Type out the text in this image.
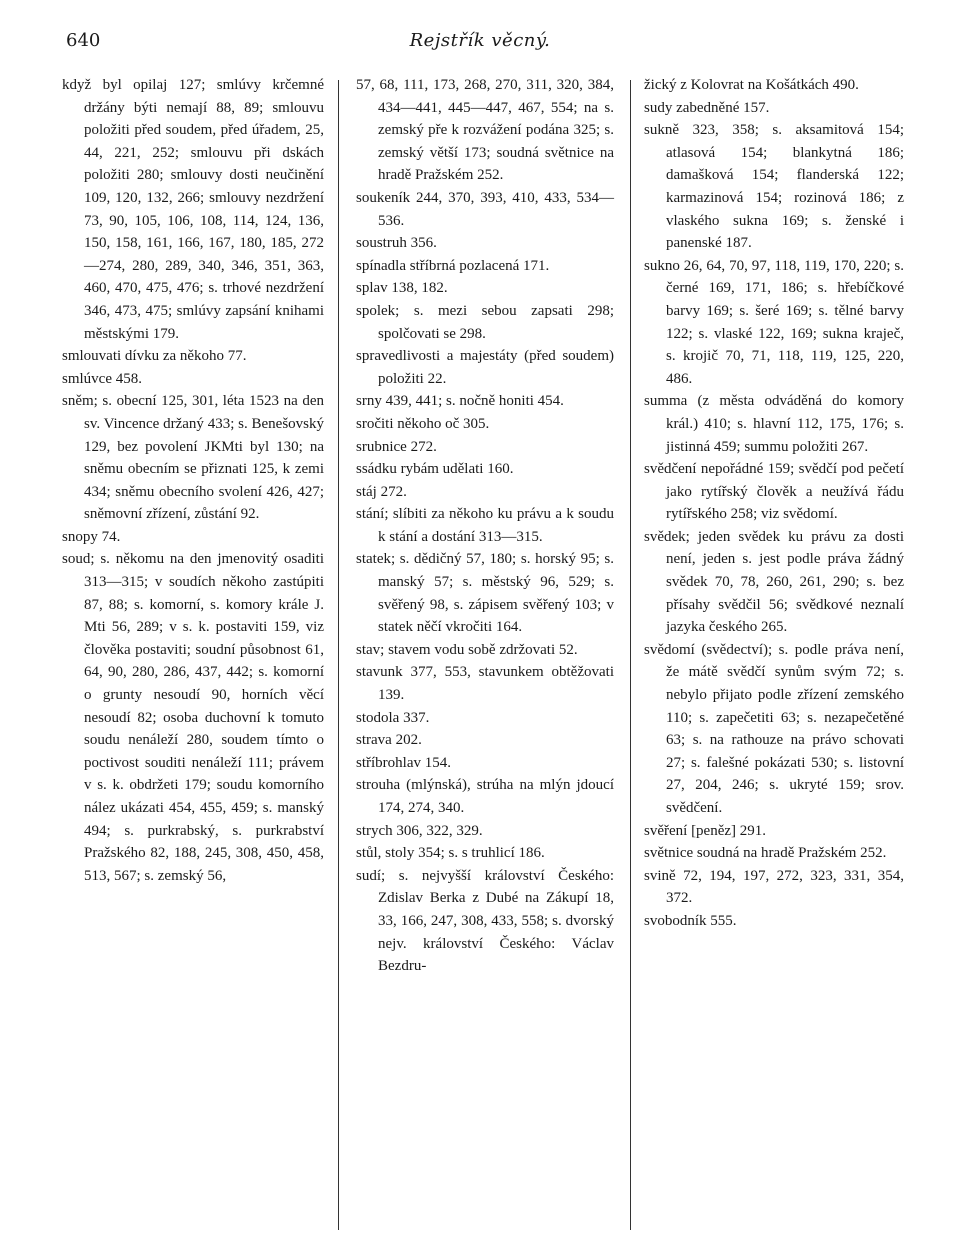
640	Rejstřík věcný.

když byl opilaj 127; smlúvy krčemné držány býti nemají 88, 89; smlouvu položiti před soudem, před úřadem, 25, 44, 221, 252; smlouvu při dskách položiti 280; smlouvy dosti neučinění 109, 120, 132, 266; smlouvy nezdržení 73, 90, 105, 106, 108, 114, 124, 136, 150, 158, 161, 166, 167, 180, 185, 272—274, 280, 289, 340, 346, 351, 363, 460, 470, 475, 476; s. trhové nezdržení 346, 473, 475; smlúvy zapsání knihami městskými 179.

smlouvati dívku za někoho 77.

smlúvce 458.

sněm; s. obecní 125, 301, léta 1523 na den sv. Vincence držaný 433; s. Benešovský 129, bez povolení JKMti byl 130; na sněmu obecním se přiznati 125, k zemi 434; sněmu obecního svolení 426, 427; sněmovní zřízení, zůstání 92.

snopy 74.

soud; s. někomu na den jmenovitý osaditi 313—315; v soudích někoho zastúpiti 87, 88; s. komorní, s. komory krále J. Mti 56, 289; v s. k. postaviti 159, viz člověka postaviti; soudní působnost 61, 64, 90, 280, 286, 437, 442; s. komorní o grunty nesoudí 90, horních věcí nesoudí 82; osoba duchovní k tomuto soudu nenáleží 280, soudem tímto o poctivost souditi nenáleží 111; právem v s. k. obdržeti 179; soudu komorního nález ukázati 454, 455, 459; s. manský 494; s. purkrabský, s. purkrabství Pražského 82, 188, 245, 308, 450, 458, 513, 567; s. zemský 56,

57, 68, 111, 173, 268, 270, 311, 320, 384, 434—441, 445—447, 467, 554; na s. zemský pře k rozvážení podána 325; s. zemský větší 173; soudná světnice na hradě Pražském 252.

soukeník 244, 370, 393, 410, 433, 534—536.

soustruh 356.

spínadla stříbrná pozlacená 171.

splav 138, 182.

spolek; s. mezi sebou zapsati 298; spolčovati se 298.

spravedlivosti a majestáty (před soudem) položiti 22.

srny 439, 441; s. nočně honiti 454.

sročiti někoho oč 305.

srubnice 272.

ssádku rybám udělati 160.

stáj 272.

stání; slíbiti za někoho ku právu a k soudu k stání a dostání 313—315.

statek; s. dědičný 57, 180; s. horský 95; s. manský 57; s. městský 96, 529; s. svěřený 98, s. zápisem svěřený 103; v statek něčí vkročiti 164.

stav; stavem vodu sobě zdržovati 52.

stavunk 377, 553, stavunkem obtěžovati 139.

stodola 337.

strava 202.

stříbrohlav 154.

strouha (mlýnská), strúha na mlýn jdoucí 174, 274, 340.

strych 306, 322, 329.

stůl, stoly 354; s. s truhlicí 186.

sudí; s. nejvyšší království Českého: Zdislav Berka z Dubé na Zákupí 18, 33, 166, 247, 308, 433, 558; s. dvorský nejv. království Českého: Václav Bezdru-

žický z Kolovrat na Košátkách 490.

sudy zabedněné 157.

sukně 323, 358; s. aksamitová 154; atlasová 154; blankytná 186; damašková 154; flanderská 122; karmazinová 154; rozinová 186; z vlaského sukna 169; s. ženské i panenské 187.

sukno 26, 64, 70, 97, 118, 119, 170, 220; s. černé 169, 171, 186; s. hřebíčkové barvy 169; s. šeré 169; s. tělné barvy 122; s. vlaské 122, 169; sukna kraječ, s. krojič 70, 71, 118, 119, 125, 220, 486.

summa (z města odváděná do komory král.) 410; s. hlavní 112, 175, 176; s. jistinná 459; summu položiti 267.

svědčení nepořádné 159; svědčí pod pečetí jako rytířský člověk a neužívá řádu rytířského 258; viz svědomí.

svědek; jeden svědek ku právu za dosti není, jeden s. jest podle práva žádný svědek 70, 78, 260, 261, 290; s. bez přísahy svědčil 56; svědkové neznalí jazyka českého 265.

svědomí (svědectví); s. podle práva není, že mátě svědčí synům svým 72; s. nebylo přijato podle zřízení zemského 110; s. zapečetiti 63; s. nezapečetěné 63; s. na rathouze na právo schovati 27; s. falešné pokázati 530; s. listovní 27, 204, 246; s. ukryté 159; srov. svědčení.

svěření [peněz] 291.

světnice soudná na hradě Pražském 252.

svině 72, 194, 197, 272, 323, 331, 354, 372.

svobodník 555.
